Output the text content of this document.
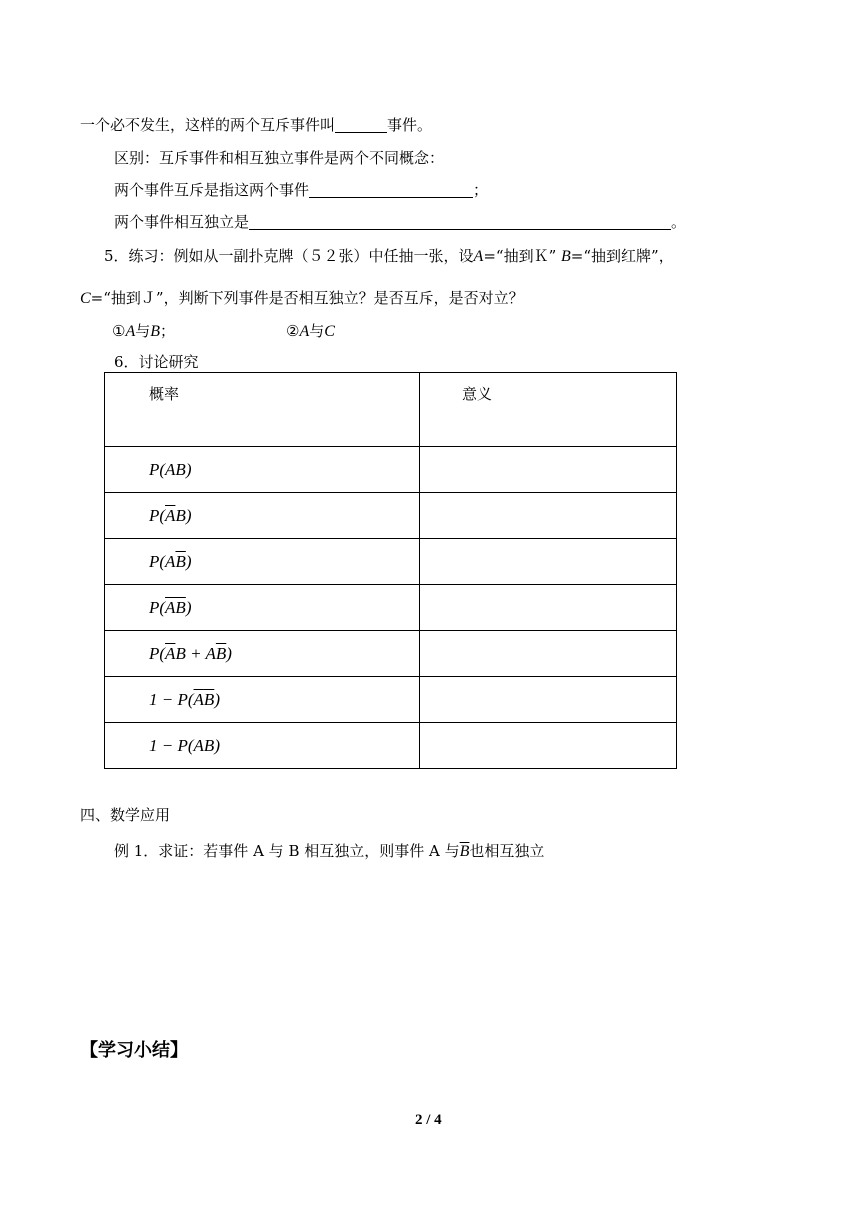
一个必不发生，这样的两个互斥事件叫	事件。
区别：互斥事件和相互独立事件是两个不同概念：
两个事件互斥是指这两个事件	；
两个事件相互独立是	。
5．练习：例如从一副扑克牌（５２张）中任抽一张，设A=“抽到Ｋ” B=“抽到红牌”，
C=“抽到Ｊ”，判断下列事件是否相互独立？是否互斥，是否对立？
①A与B；	②A与C
6．讨论研究
概率	意义
P(AB)	
$P(\overline{A}B)$	
$P(A\overline{B})$	
$P(\overline{AB})$	
$P(\overline{A}B + A\overline{B})$	
$1 - P(\overline{A}\overline{B})$	
1 − P(AB)	
四、数学应用
例 1．求证：若事件 A 与 B 相互独立，则事件 A 与$\overline{B}$也相互独立
【学习小结】
2 / 4
